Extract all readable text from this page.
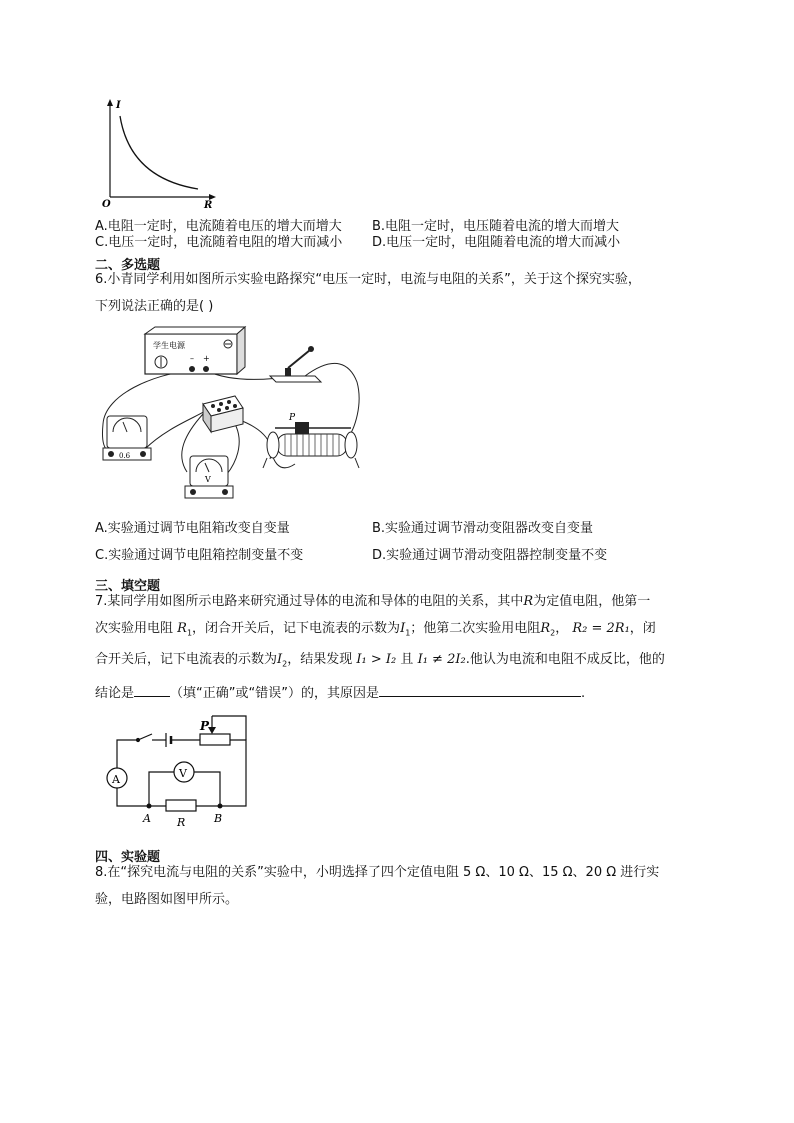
I
R
O
A.电阻一定时，电流随着电压的增大而增大 B.电阻一定时，电压随着电流的增大而增大
C.电压一定时，电流随着电阻的增大而减小 D.电压一定时，电阻随着电流的增大而减小
二、多选题
6.小青同学利用如图所示实验电路探究“电压一定时，电流与电阻的关系”，关于这个探究实验，
下列说法正确的是( )
学生电源
– +
0.6
V
P
A.实验通过调节电阻箱改变自变量	B.实验通过调节滑动变阻器改变自变量
C.实验通过调节电阻箱控制变量不变	D.实验通过调节滑动变阻器控制变量不变
三、填空题
7.某同学用如图所示电路来研究通过导体的电流和导体的电阻的关系，其中R为定值电阻，他第一
次实验用电阻 $R_1$，闭合开关后，记下电流表的示数为$I_1$；他第二次实验用电阻$R_2$， R₂ = 2R₁，闭
合开关后，记下电流表的示数为$I_2$，结果发现 I₁ > I₂ 且 I₁ ≠ 2I₂.他认为电流和电阻不成反比，他的
结论是	（填“正确”或“错误”）的，其原因是	.
P
A	V
A	B
R
四、实验题
8.在“探究电流与电阻的关系”实验中，小明选择了四个定值电阻 5 Ω、10 Ω、15 Ω、20 Ω 进行实
验，电路图如图甲所示。
